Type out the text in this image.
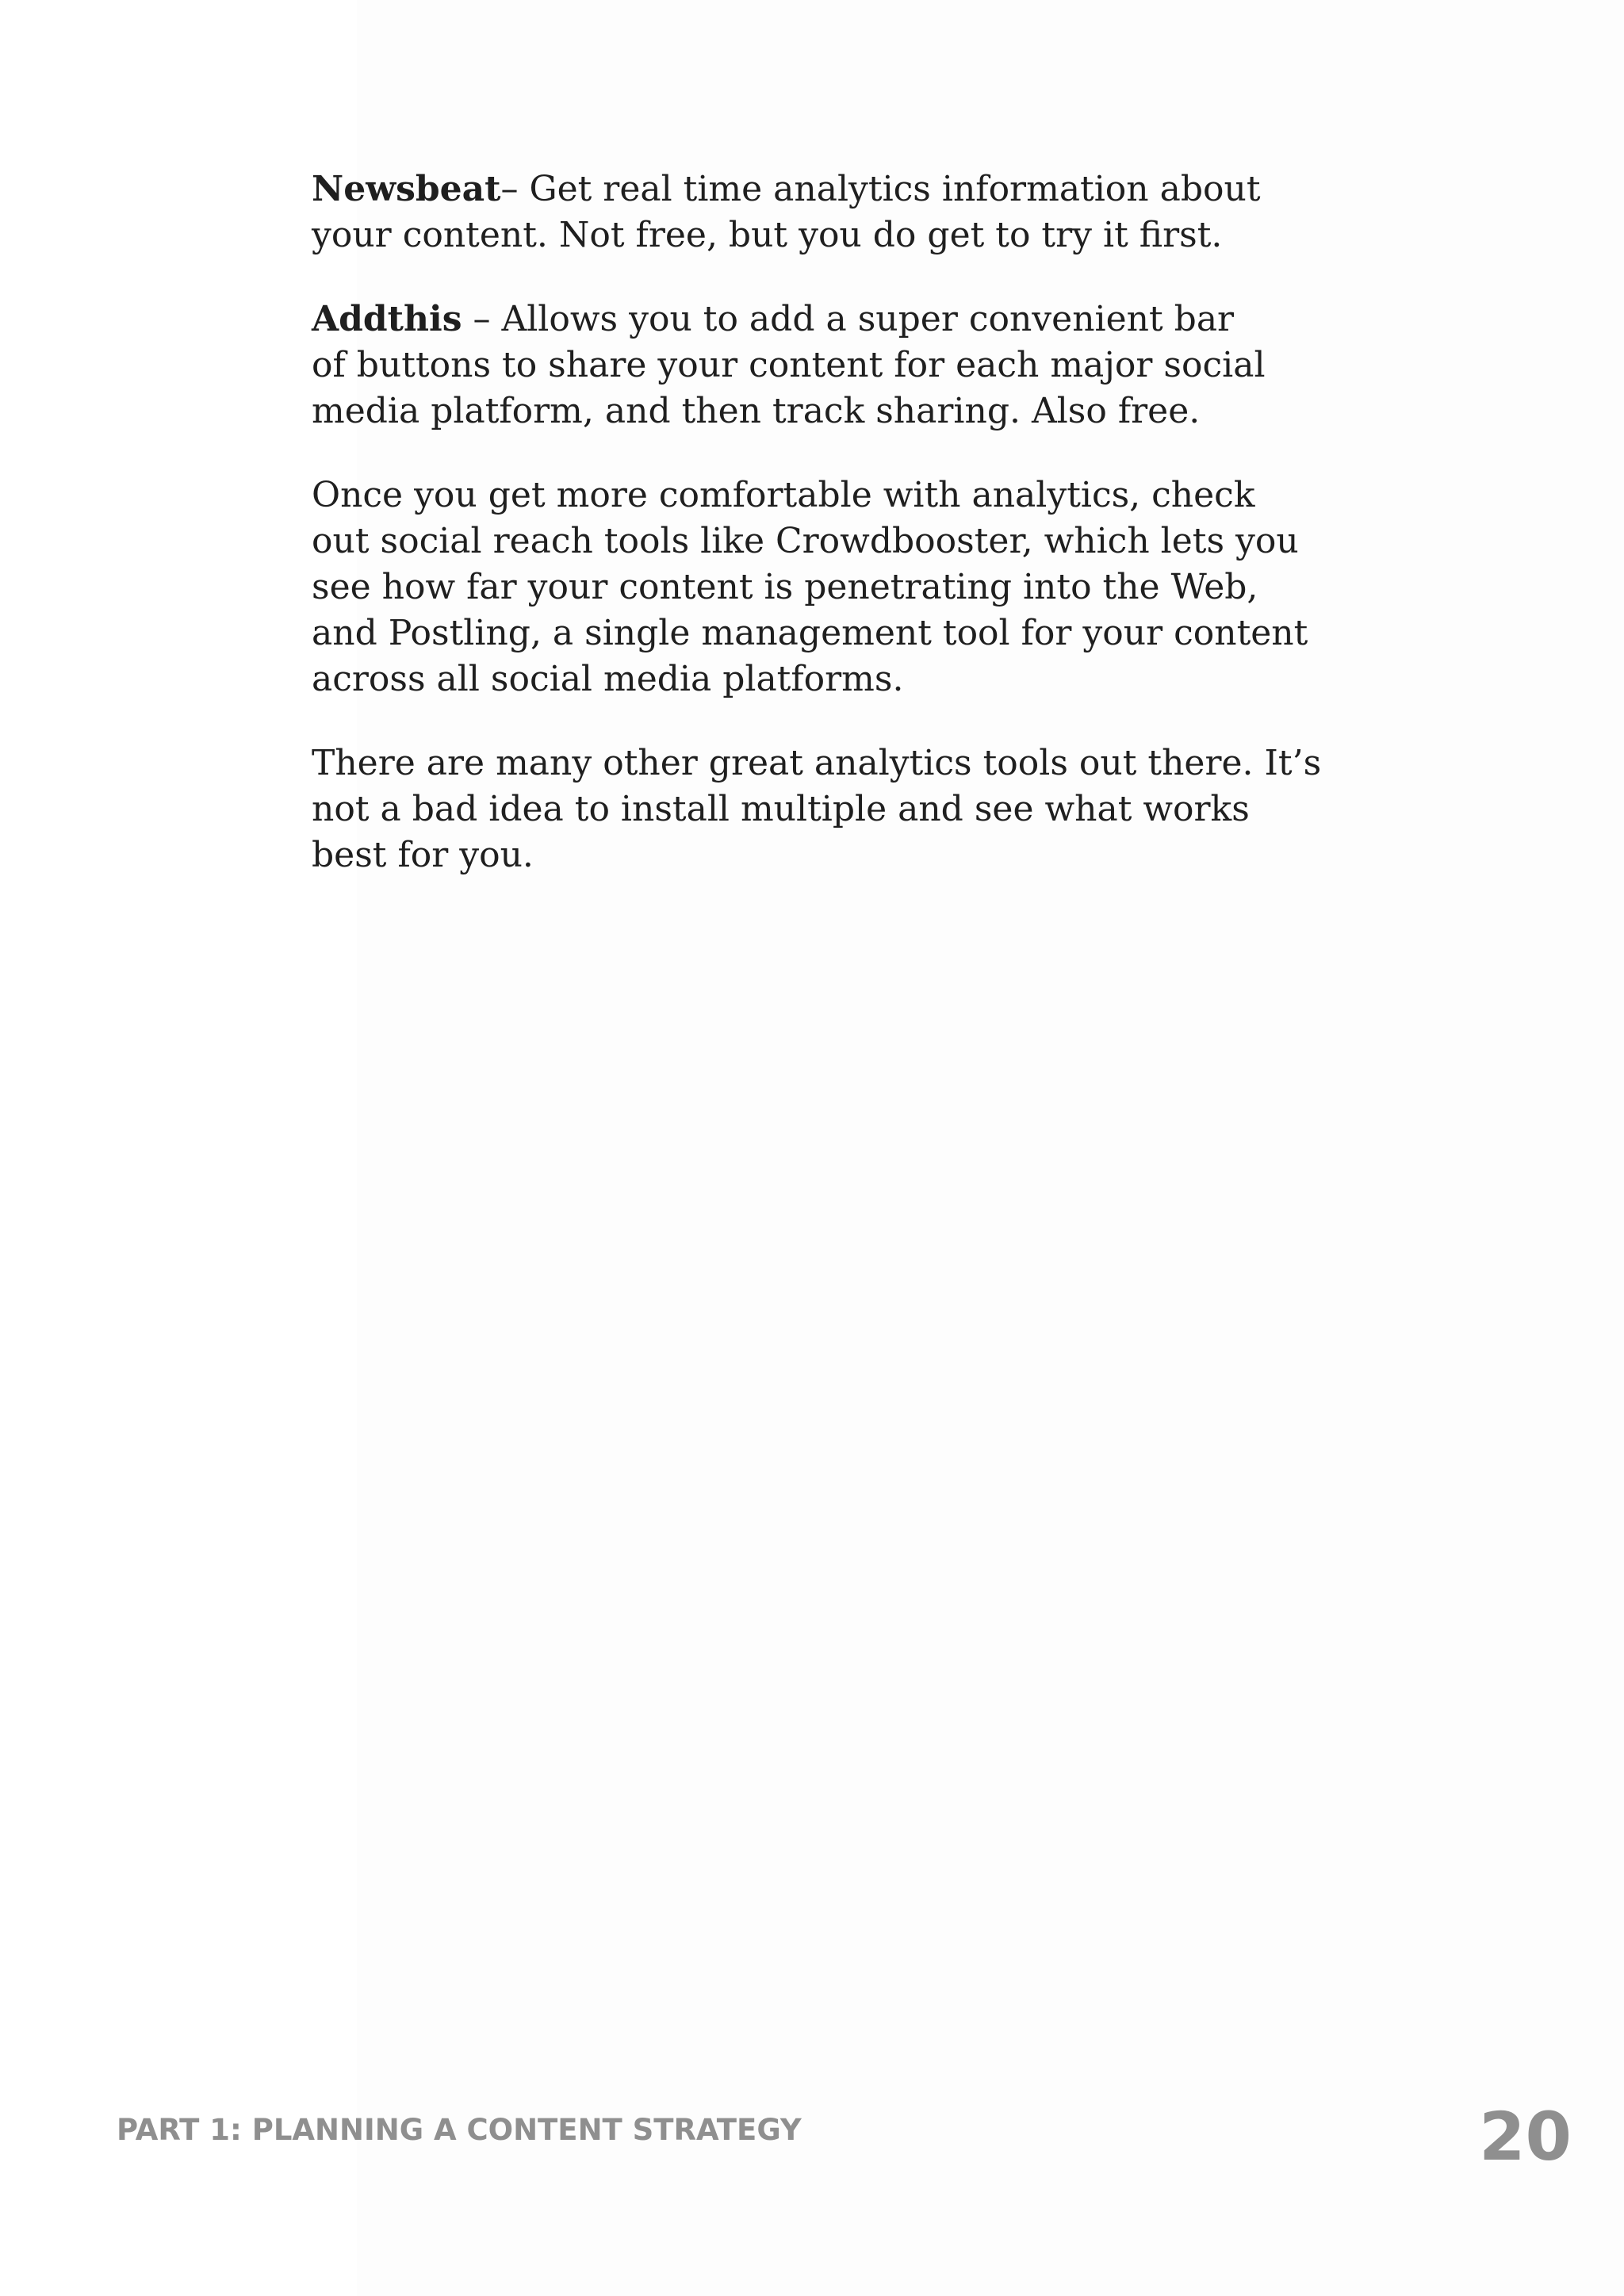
Newsbeat– Get real time analytics information about
your content. Not free, but you do get to try it first.

Addthis – Allows you to add a super convenient bar
of buttons to share your content for each major social
media platform, and then track sharing. Also free.

Once you get more comfortable with analytics, check
out social reach tools like Crowdbooster, which lets you
see how far your content is penetrating into the Web,
and Postling, a single management tool for your content
across all social media platforms.

There are many other great analytics tools out there. It’s
not a bad idea to install multiple and see what works
best for you.

PART 1: PLANNING A CONTENT STRATEGY	20
